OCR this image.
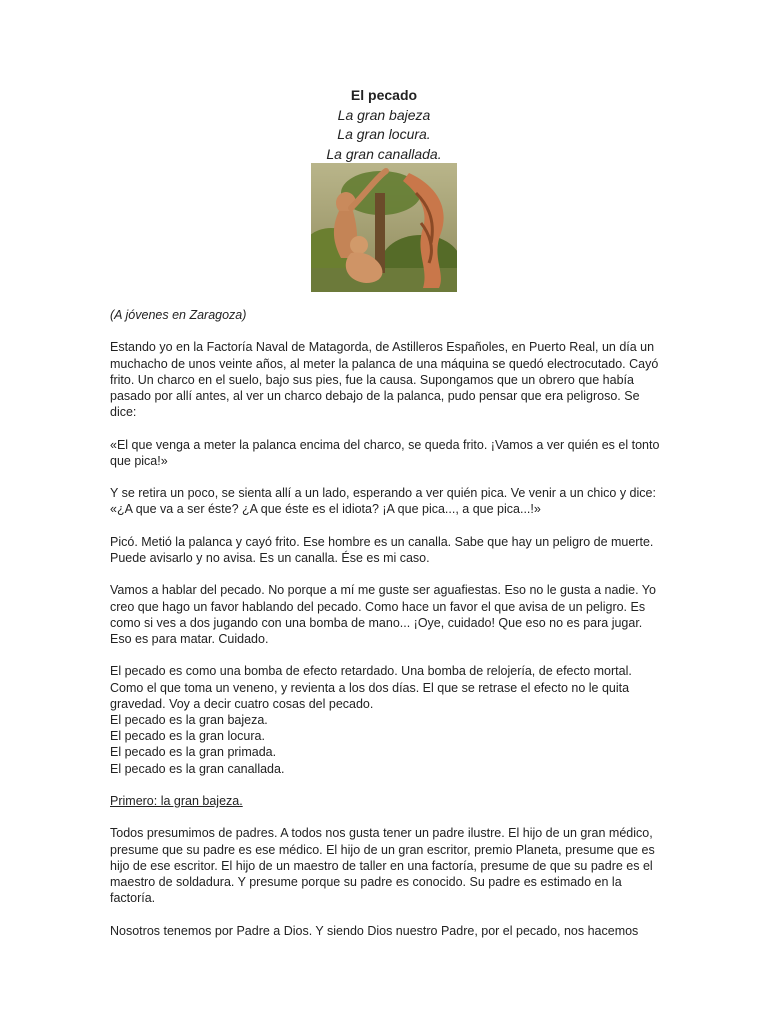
El pecado
La gran bajeza
La gran locura.
La gran canallada.

(A jóvenes en Zaragoza)

Estando yo en la Factoría Naval de Matagorda, de Astilleros Españoles, en Puerto Real, un día un muchacho de unos veinte años, al meter la palanca de una máquina se quedó electrocutado. Cayó frito. Un charco en el suelo, bajo sus pies, fue la causa. Supongamos que un obrero que había pasado por allí antes, al ver un charco debajo de la palanca, pudo pensar que era peligroso. Se dice:

«El que venga a meter la palanca encima del charco, se queda frito. ¡Vamos a ver quién es el tonto que pica!»

Y se retira un poco, se sienta allí a un lado, esperando a ver quién pica. Ve venir a un chico y dice: «¿A que va a ser éste? ¿A que éste es el idiota? ¡A que pica..., a que pica...!»

Picó. Metió la palanca y cayó frito. Ese hombre es un canalla. Sabe que hay un peligro de muerte. Puede avisarlo y no avisa. Es un canalla. Ése es mi caso.

Vamos a hablar del pecado. No porque a mí me guste ser aguafiestas. Eso no le gusta a nadie. Yo creo que hago un favor hablando del pecado. Como hace un favor el que avisa de un peligro. Es como si ves a dos jugando con una bomba de mano... ¡Oye, cuidado! Que eso no es para jugar. Eso es para matar. Cuidado.

El pecado es como una bomba de efecto retardado. Una bomba de relojería, de efecto mortal. Como el que toma un veneno, y revienta a los dos días. El que se retrase el efecto no le quita gravedad. Voy a decir cuatro cosas del pecado.
El pecado es la gran bajeza.
El pecado es la gran locura.
El pecado es la gran primada.
El pecado es la gran canallada.

Primero: la gran bajeza.

Todos presumimos de padres. A todos nos gusta tener un padre ilustre. El hijo de un gran médico, presume que su padre es ese médico. El hijo de un gran escritor, premio Planeta, presume que es hijo de ese escritor. El hijo de un maestro de taller en una factoría, presume de que su padre es el maestro de soldadura. Y presume porque su padre es conocido. Su padre es estimado en la factoría.

Nosotros tenemos por Padre a Dios. Y siendo Dios nuestro Padre, por el pecado, nos hacemos
